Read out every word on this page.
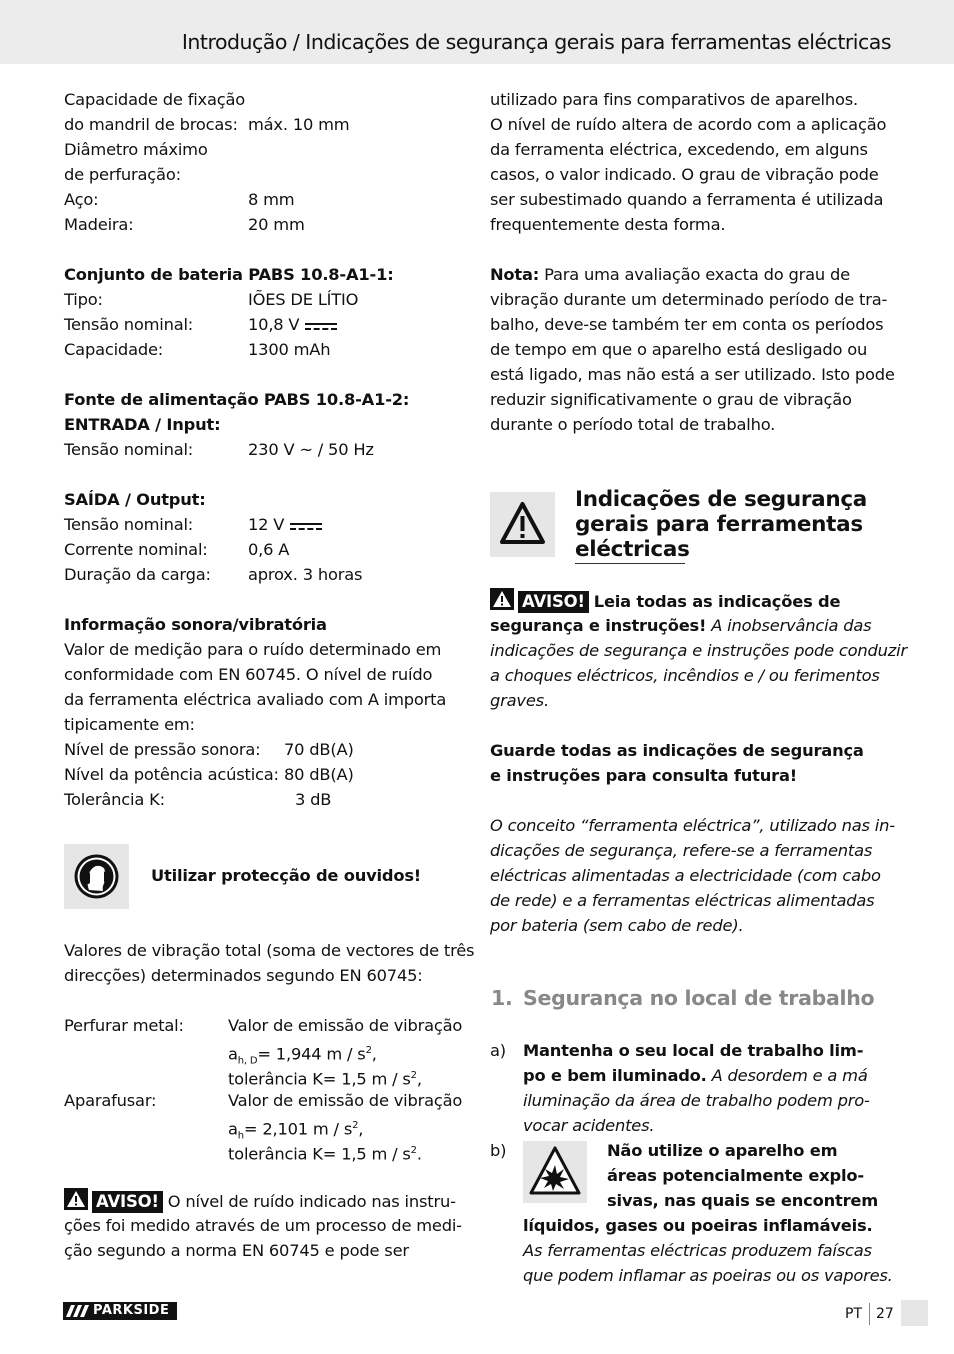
Introdução / Indicações de segurança gerais para ferramentas eléctricas
Capacidade de fixação
do mandril de brocas: máx. 10 mm
Diâmetro máximo
de perfuração:
Aço:	8 mm
Madeira:	20 mm
Conjunto de bateria PABS 10.8-A1-1:
Tipo:	IÕES DE LÍTIO
Tensão nominal:	10,8 V
Capacidade:	1300 mAh
Fonte de alimentação PABS 10.8-A1-2:
ENTRADA / Input:
Tensão nominal:	230 V ~ / 50 Hz
SAÍDA / Output:
Tensão nominal:	12 V
Corrente nominal: 0,6 A
Duração da carga: aprox. 3 horas
Informação sonora/vibratória
Valor de medição para o ruído determinado em
conformidade com EN 60745. O nível de ruído
da ferramenta eléctrica avaliado com A importa
tipicamente em:
Nível de pressão sonora: 70 dB(A)
Nível da potência acústica: 80 dB(A)
Tolerância K:	3 dB
Utilizar protecção de ouvidos!
Valores de vibração total (soma de vectores de três
direcções) determinados segundo EN 60745:
Perfurar metal:	Valor de emissão de vibração
$a_{h, D}= 1,944$ m / $s^2$,
tolerância K= 1,5 m / $s^2$,
Aparafusar:	Valor de emissão de vibração
$a_h= 2,101$ m / $s^2$,
tolerância K= 1,5 m / $s^2$.
AVISO! O nível de ruído indicado nas instru-
ções foi medido através de um processo de medi-
ção segundo a norma EN 60745 e pode ser
utilizado para fins comparativos de aparelhos.
O nível de ruído altera de acordo com a aplicação
da ferramenta eléctrica, excedendo, em alguns
casos, o valor indicado. O grau de vibração pode
ser subestimado quando a ferramenta é utilizada
frequentemente desta forma.
Nota: Para uma avaliação exacta do grau de
vibração durante um determinado período de tra-
balho, deve-se também ter em conta os períodos
de tempo em que o aparelho está desligado ou
está ligado, mas não está a ser utilizado. Isto pode
reduzir significativamente o grau de vibração
durante o período total de trabalho.
Indicações de segurança
gerais para ferramentas
eléctricas
AVISO! Leia todas as indicações de
segurança e instruções! A inobservância das
indicações de segurança e instruções pode conduzir
a choques eléctricos, incêndios e / ou ferimentos
graves.
Guarde todas as indicações de segurança
e instruções para consulta futura!
O conceito “ferramenta eléctrica”, utilizado nas in-
dicações de segurança, refere-se a ferramentas
eléctricas alimentadas a electricidade (com cabo
de rede) e a ferramentas eléctricas alimentadas
por bateria (sem cabo de rede).
1. Segurança no local de trabalho
a) Mantenha o seu local de trabalho lim-
po e bem iluminado. A desordem e a má
iluminação da área de trabalho podem pro-
vocar acidentes.
b)	Não utilize o aparelho em
áreas potencialmente explo-
sivas, nas quais se encontrem
líquidos, gases ou poeiras inflamáveis.
As ferramentas eléctricas produzem faíscas
que podem inflamar as poeiras ou os vapores.
PARKSIDE	PT 27
